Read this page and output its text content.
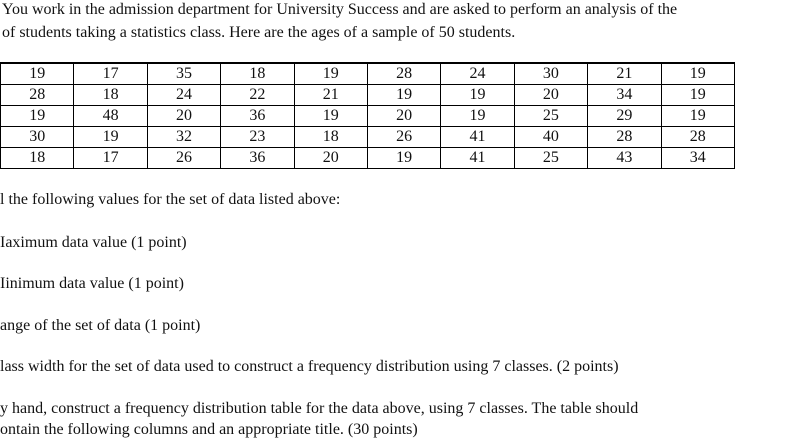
You work in the admission department for University Success and are asked to perform an analysis of the
of students taking a statistics class. Here are the ages of a sample of 50 students.
19	17	35	18	19	28	24	30	21	19
28	18	24	22	21	19	19	20	34	19
19	48	20	36	19	20	19	25	29	19
30	19	32	23	18	26	41	40	28	28
18	17	26	36	20	19	41	25	43	34
l the following values for the set of data listed above:
Iaximum data value (1 point)
Iinimum data value (1 point)
ange of the set of data (1 point)
lass width for the set of data used to construct a frequency distribution using 7 classes. (2 points)
y hand, construct a frequency distribution table for the data above, using 7 classes. The table should
ontain the following columns and an appropriate title. (30 points)
